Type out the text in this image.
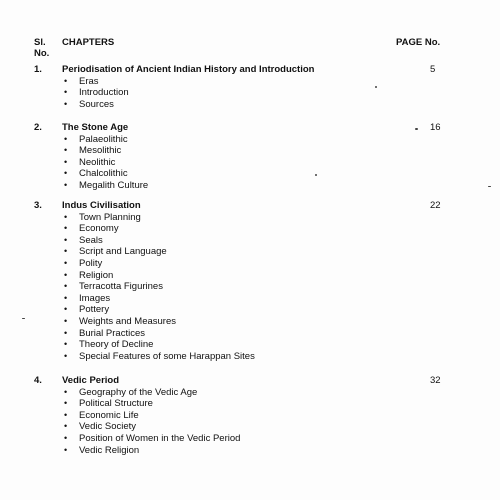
Sl. No.
CHAPTERS	PAGE No.
1. Periodisation of Ancient Indian History and Introduction	5
• Eras
• Introduction
• Sources
2. The Stone Age	16
• Palaeolithic
• Mesolithic
• Neolithic
• Chalcolithic
• Megalith Culture
3. Indus Civilisation	22
• Town Planning
• Economy
• Seals
• Script and Language
• Polity
• Religion
• Terracotta Figurines
• Images
• Pottery
• Weights and Measures
• Burial Practices
• Theory of Decline
• Special Features of some Harappan Sites
4. Vedic Period	32
• Geography of the Vedic Age
• Political Structure
• Economic Life
• Vedic Society
• Position of Women in the Vedic Period
• Vedic Religion
